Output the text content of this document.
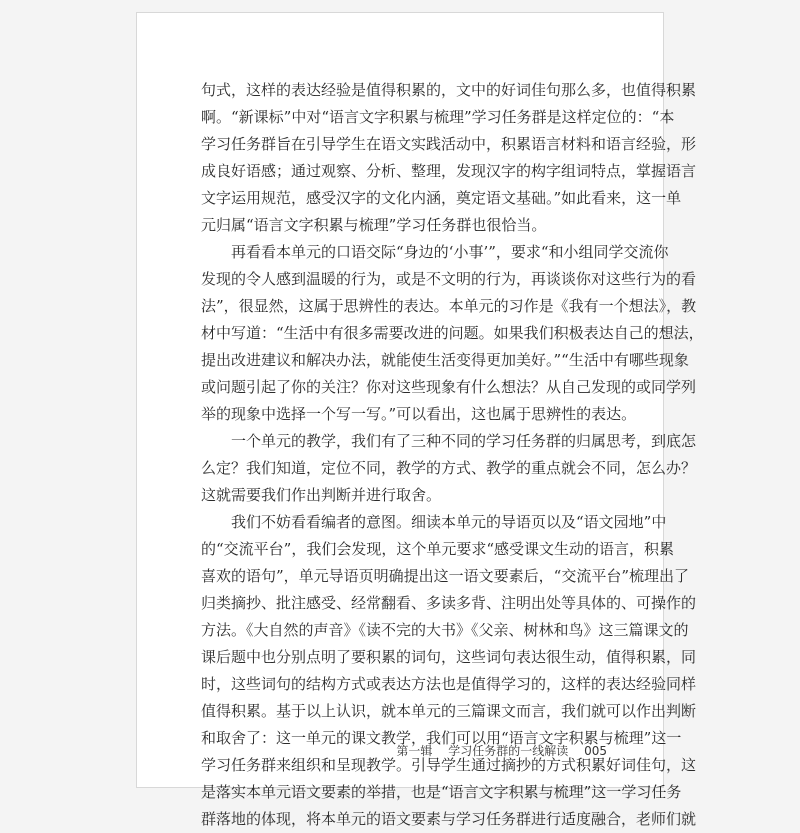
句式，这样的表达经验是值得积累的，文中的好词佳句那么多，也值得积累
啊。“新课标”中对“语言文字积累与梳理”学习任务群是这样定位的：“本
学习任务群旨在引导学生在语文实践活动中，积累语言材料和语言经验，形
成良好语感；通过观察、分析、整理，发现汉字的构字组词特点，掌握语言
文字运用规范，感受汉字的文化内涵，奠定语文基础。”如此看来，这一单
元归属“语言文字积累与梳理”学习任务群也很恰当。
再看看本单元的口语交际“身边的‘小事’”，要求“和小组同学交流你
发现的令人感到温暖的行为，或是不文明的行为，再谈谈你对这些行为的看
法”，很显然，这属于思辨性的表达。本单元的习作是《我有一个想法》，教
材中写道：“生活中有很多需要改进的问题。如果我们积极表达自己的想法，
提出改进建议和解决办法，就能使生活变得更加美好。”“生活中有哪些现象
或问题引起了你的关注？你对这些现象有什么想法？从自己发现的或同学列
举的现象中选择一个写一写。”可以看出，这也属于思辨性的表达。
一个单元的教学，我们有了三种不同的学习任务群的归属思考，到底怎
么定？我们知道，定位不同，教学的方式、教学的重点就会不同，怎么办？
这就需要我们作出判断并进行取舍。
我们不妨看看编者的意图。细读本单元的导语页以及“语文园地”中
的“交流平台”，我们会发现，这个单元要求“感受课文生动的语言，积累
喜欢的语句”，单元导语页明确提出这一语文要素后，“交流平台”梳理出了
归类摘抄、批注感受、经常翻看、多读多背、注明出处等具体的、可操作的
方法。《大自然的声音》《读不完的大书》《父亲、树林和鸟》这三篇课文的
课后题中也分别点明了要积累的词句，这些词句表达很生动，值得积累，同
时，这些词句的结构方式或表达方法也是值得学习的，这样的表达经验同样
值得积累。基于以上认识，就本单元的三篇课文而言，我们就可以作出判断
和取舍了：这一单元的课文教学，我们可以用“语言文字积累与梳理”这一
学习任务群来组织和呈现教学。引导学生通过摘抄的方式积累好词佳句，这
是落实本单元语文要素的举措，也是“语言文字积累与梳理”这一学习任务
群落地的体现，将本单元的语文要素与学习任务群进行适度融合，老师们就
第一辑 学习任务群的一线解读 005
